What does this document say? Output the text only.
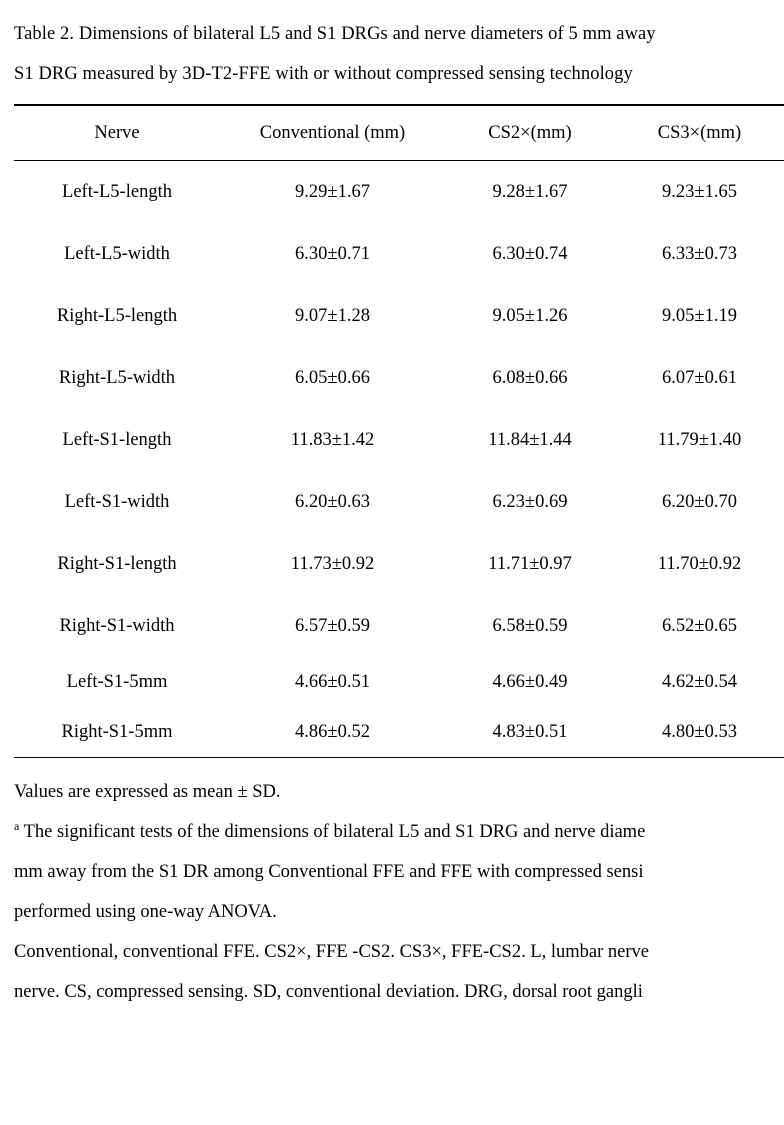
Table 2. Dimensions of bilateral L5 and S1 DRGs and nerve diameters of 5 mm away
S1 DRG measured by 3D-T2-FFE with or without compressed sensing technology

Nerve	Conventional (mm)	CS2×(mm)	CS3×(mm)
Left-L5-length	9.29±1.67	9.28±1.67	9.23±1.65
Left-L5-width	6.30±0.71	6.30±0.74	6.33±0.73
Right-L5-length	9.07±1.28	9.05±1.26	9.05±1.19
Right-L5-width	6.05±0.66	6.08±0.66	6.07±0.61
Left-S1-length	11.83±1.42	11.84±1.44	11.79±1.40
Left-S1-width	6.20±0.63	6.23±0.69	6.20±0.70
Right-S1-length	11.73±0.92	11.71±0.97	11.70±0.92
Right-S1-width	6.57±0.59	6.58±0.59	6.52±0.65
Left-S1-5mm	4.66±0.51	4.66±0.49	4.62±0.54
Right-S1-5mm	4.86±0.52	4.83±0.51	4.80±0.53

Values are expressed as mean ± SD.

$^a$ The significant tests of the dimensions of bilateral L5 and S1 DRG and nerve diame

mm away from the S1 DR among Conventional FFE and FFE with compressed sensi

performed using one-way ANOVA.

Conventional, conventional FFE. CS2×, FFE -CS2. CS3×, FFE-CS2. L, lumbar nerve

nerve. CS, compressed sensing. SD, conventional deviation. DRG, dorsal root gangli
